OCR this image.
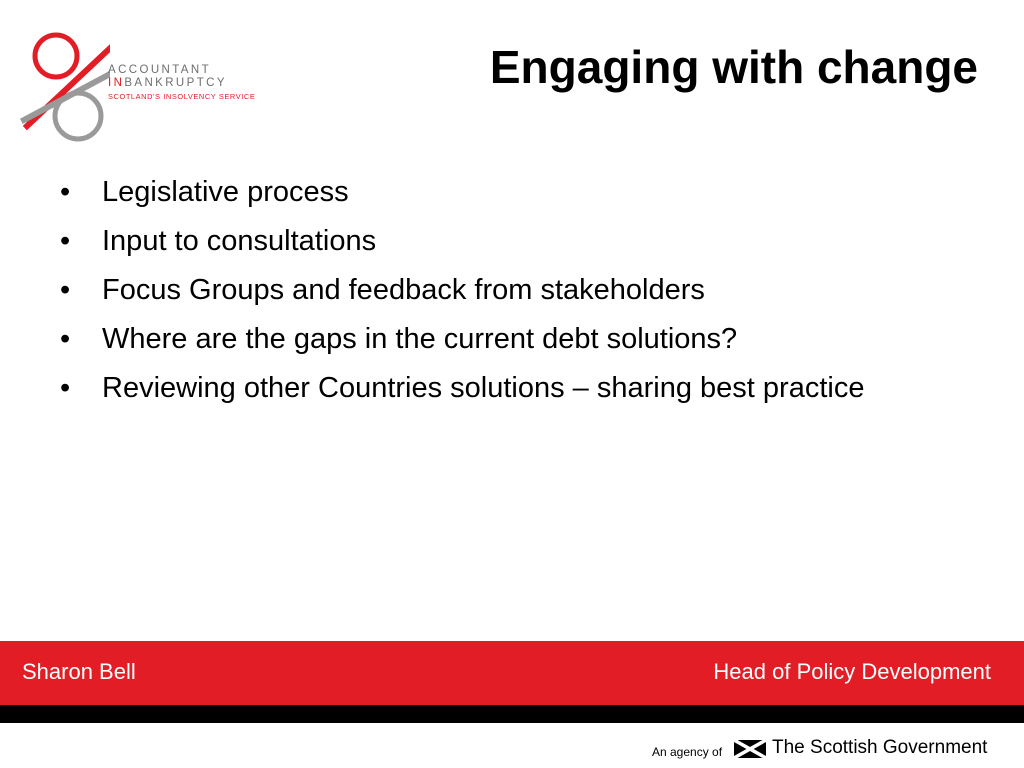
ACCOUNTANT
INBANKRUPTCY
SCOTLAND'S INSOLVENCY SERVICE
Engaging with change
• Legislative process
• Input to consultations
• Focus Groups and feedback from stakeholders
• Where are the gaps in the current debt solutions?
• Reviewing other Countries solutions – sharing best practice
Sharon Bell	Head of Policy Development
An agency of	The Scottish Government
